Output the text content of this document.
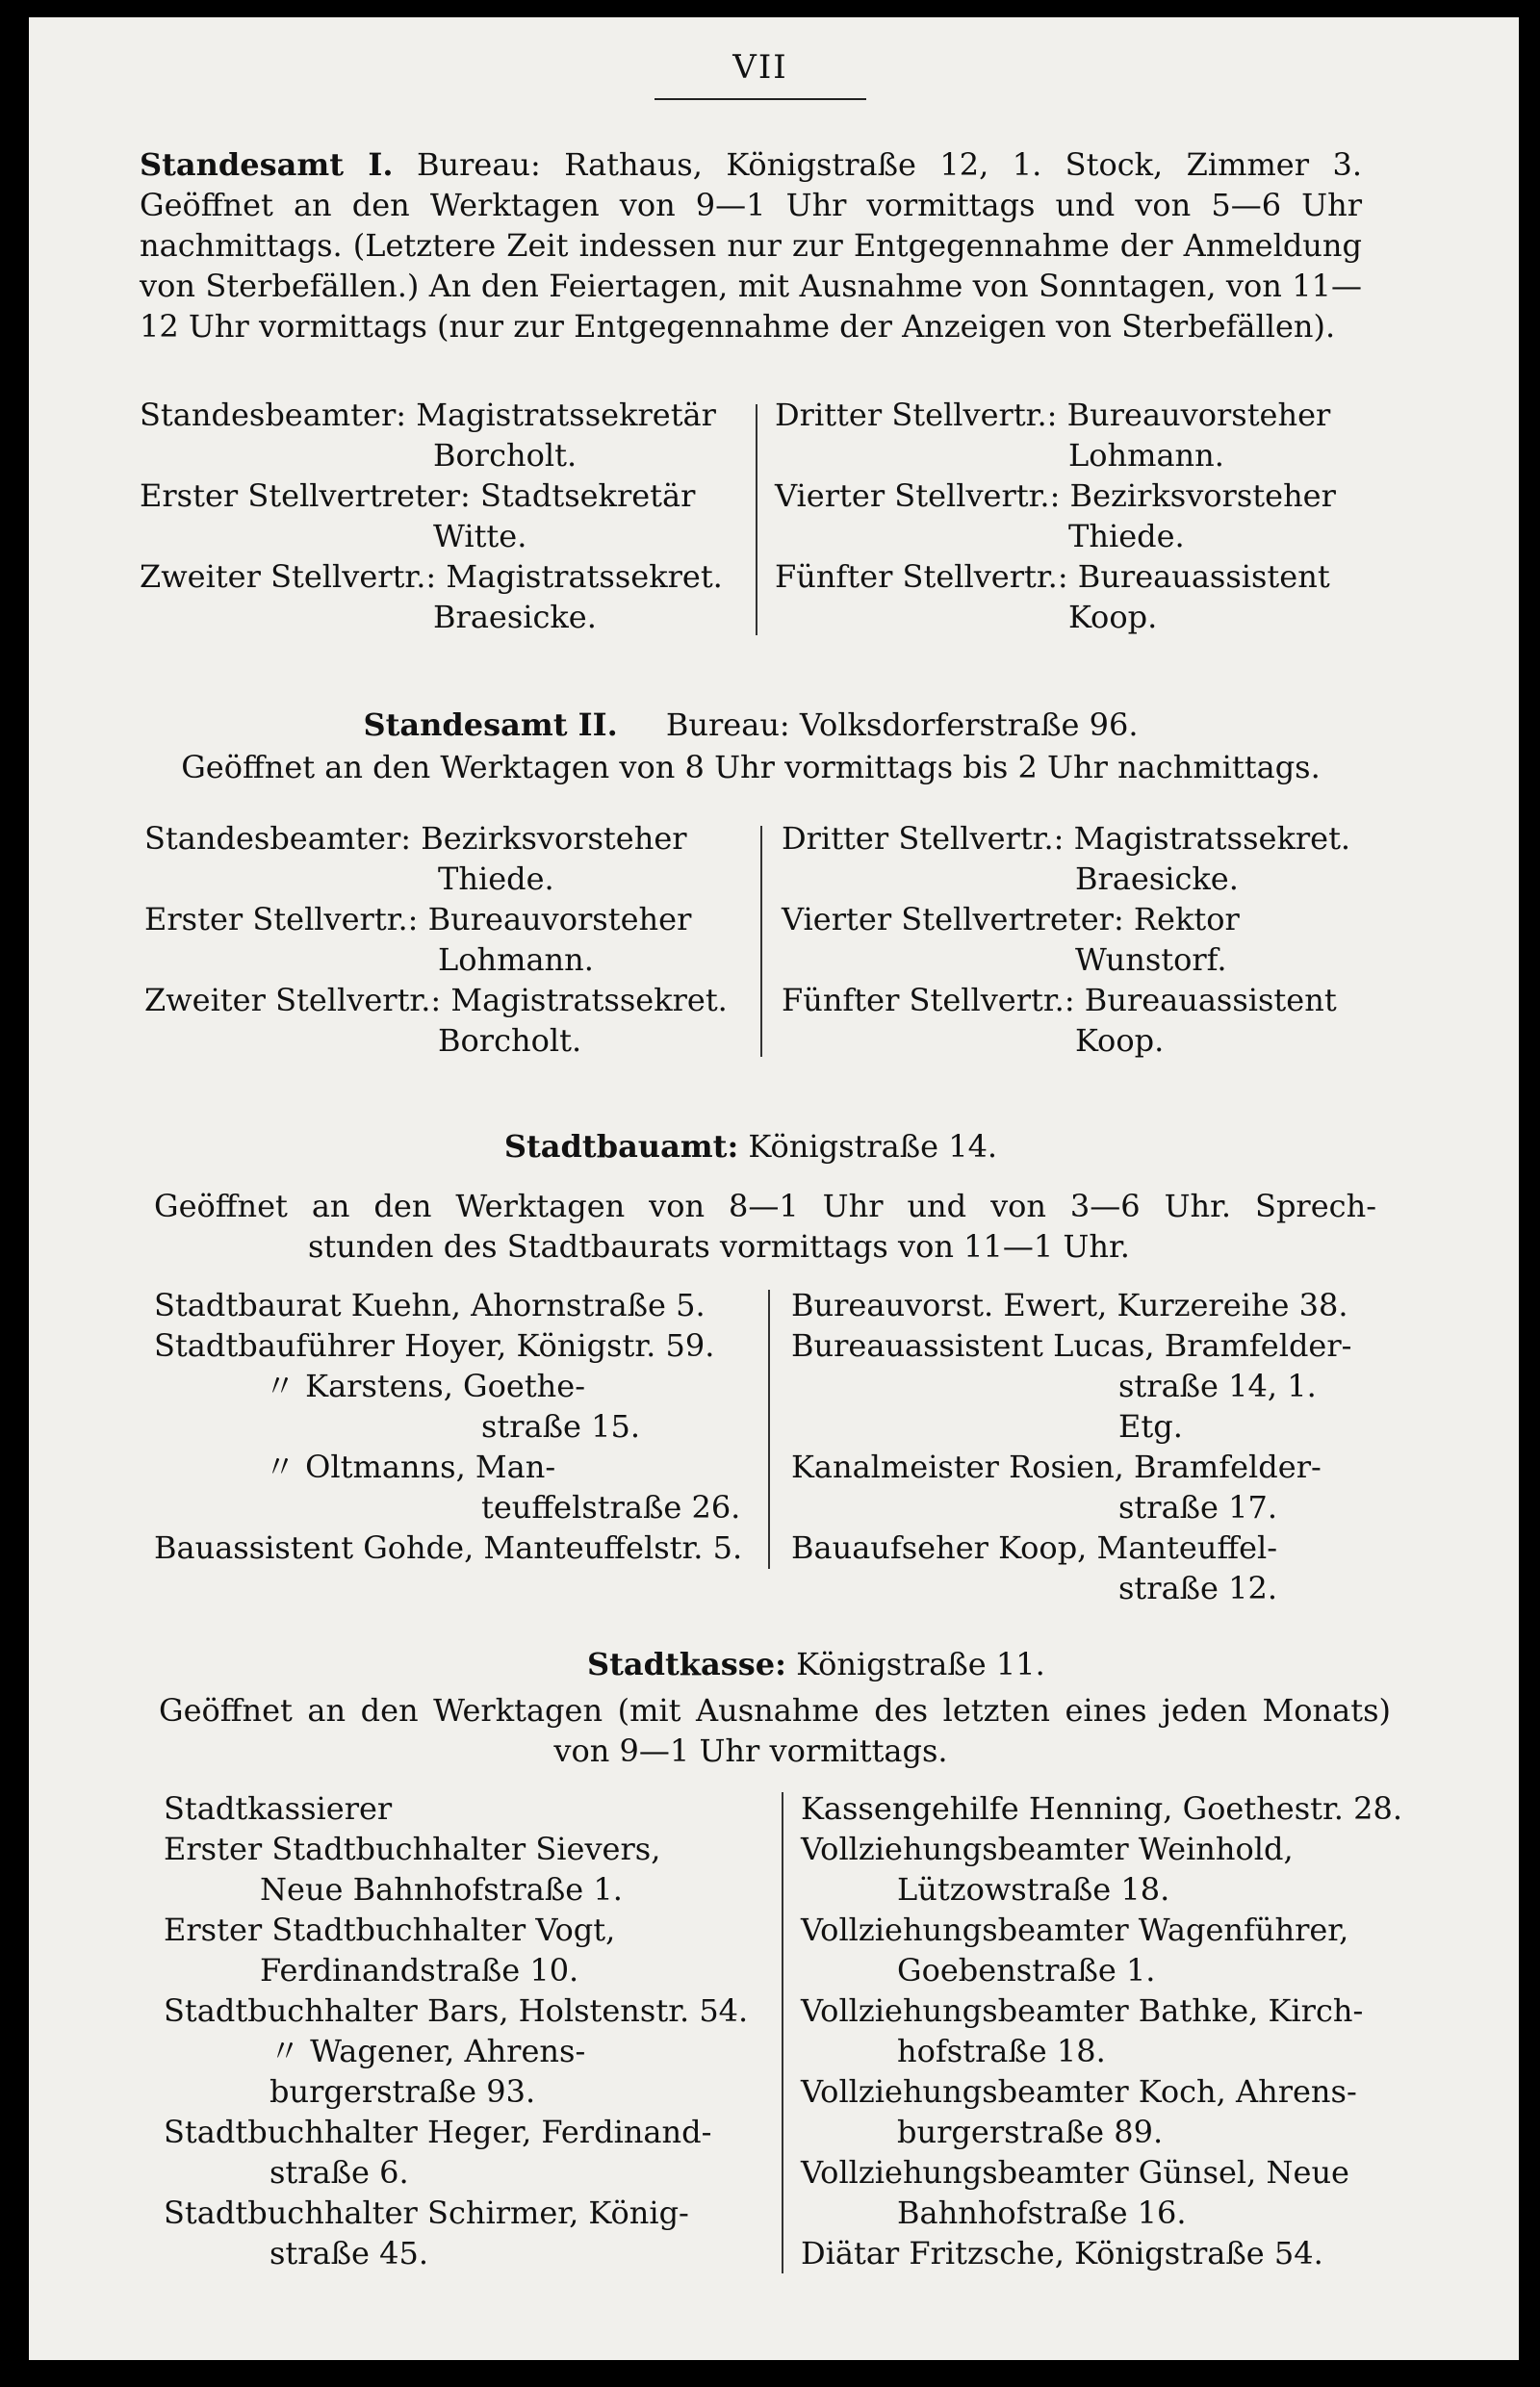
VII
Standesamt I. Bureau: Rathaus, Königstraße 12, 1. Stock, Zimmer 3. Geöffnet an den Werktagen von 9—1 Uhr vormittags und von 5—6 Uhr nachmittags. (Letztere Zeit indessen nur zur Entgegennahme der Anmeldung von Sterbefällen.) An den Feiertagen, mit Ausnahme von Sonntagen, von 11—12 Uhr vormittags (nur zur Entgegennahme der Anzeigen von Sterbefällen).
Standesbeamter: Magistratssekretär
Borcholt.
Erster Stellvertreter: Stadtsekretär
Witte.
Zweiter Stellvertr.: Magistratssekret.
Braesicke.
Dritter Stellvertr.: Bureauvorsteher
Lohmann.
Vierter Stellvertr.: Bezirksvorsteher
Thiede.
Fünfter Stellvertr.: Bureauassistent
Koop.
Standesamt II. Bureau: Volksdorferstraße 96.
Geöffnet an den Werktagen von 8 Uhr vormittags bis 2 Uhr nachmittags.
Standesbeamter: Bezirksvorsteher
Thiede.
Erster Stellvertr.: Bureauvorsteher
Lohmann.
Zweiter Stellvertr.: Magistratssekret.
Borcholt.
Dritter Stellvertr.: Magistratssekret.
Braesicke.
Vierter Stellvertreter: Rektor
Wunstorf.
Fünfter Stellvertr.: Bureauassistent
Koop.
Stadtbauamt: Königstraße 14.
Geöffnet an den Werktagen von 8—1 Uhr und von 3—6 Uhr. Sprech-
stunden des Stadtbaurats vormittags von 11—1 Uhr.
Stadtbaurat Kuehn, Ahornstraße 5.
Stadtbauführer Hoyer, Königstr. 59.
〃 Karstens, Goethe-
straße 15.
〃 Oltmanns, Man-
teuffelstraße 26.
Bauassistent Gohde, Manteuffelstr. 5.
Bureauvorst. Ewert, Kurzereihe 38.
Bureauassistent Lucas, Bramfelder-
straße 14, 1. Etg.
Kanalmeister Rosien, Bramfelder-
straße 17.
Bauaufseher Koop, Manteuffel-
straße 12.
Stadtkasse: Königstraße 11.
Geöffnet an den Werktagen (mit Ausnahme des letzten eines jeden Monats)
von 9—1 Uhr vormittags.
Stadtkassierer
Erster Stadtbuchhalter Sievers,
Neue Bahnhofstraße 1.
Erster Stadtbuchhalter Vogt,
Ferdinandstraße 10.
Stadtbuchhalter Bars, Holstenstr. 54.
〃 Wagener, Ahrens-
burgerstraße 93.
Stadtbuchhalter Heger, Ferdinand-
straße 6.
Stadtbuchhalter Schirmer, König-
straße 45.
Kassengehilfe Henning, Goethestr. 28.
Vollziehungsbeamter Weinhold,
Lützowstraße 18.
Vollziehungsbeamter Wagenführer,
Goebenstraße 1.
Vollziehungsbeamter Bathke, Kirch-
hofstraße 18.
Vollziehungsbeamter Koch, Ahrens-
burgerstraße 89.
Vollziehungsbeamter Günsel, Neue
Bahnhofstraße 16.
Diätar Fritzsche, Königstraße 54.
